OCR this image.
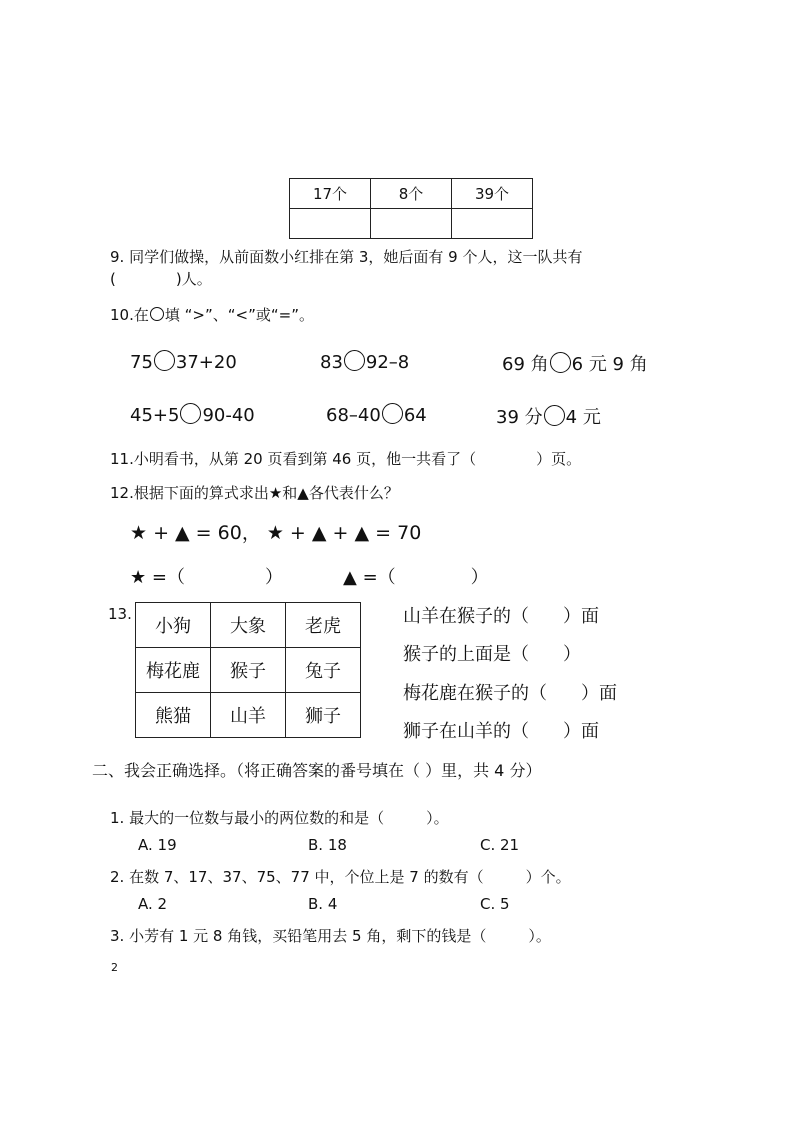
17个	8个	39个

9. 同学们做操，从前面数小红排在第 3，她后面有 9 个人，这一队共有
(	)人。
10.在 填 “>”、“<”或“=”。
75 37+20	83 92–8	69 角 6 元 9 角
45+5 90-40	68–40 64	39 分 4 元
11.小明看书，从第 20 页看到第 46 页，他一共看了（	）页。
12.根据下面的算式求出★和▲各代表什么？
★ + ▲ = 60， ★ + ▲ + ▲ = 70
★ =（	）	▲ =（	）
13.
小狗	大象	老虎
梅花鹿	猴子	兔子
熊猫	山羊	狮子
山羊在猴子的（ ）面
猴子的上面是（ ）
梅花鹿在猴子的（ ）面
狮子在山羊的（ ）面
二、我会正确选择。（将正确答案的番号填在（ ）里，共 4 分）
1. 最大的一位数与最小的两位数的和是（	）。
A. 19	B. 18	C. 21
2. 在数 7、17、37、75、77 中，个位上是 7 的数有（	）个。
A. 2	B. 4	C. 5
3. 小芳有 1 元 8 角钱，买铅笔用去 5 角，剩下的钱是（	）。
2
